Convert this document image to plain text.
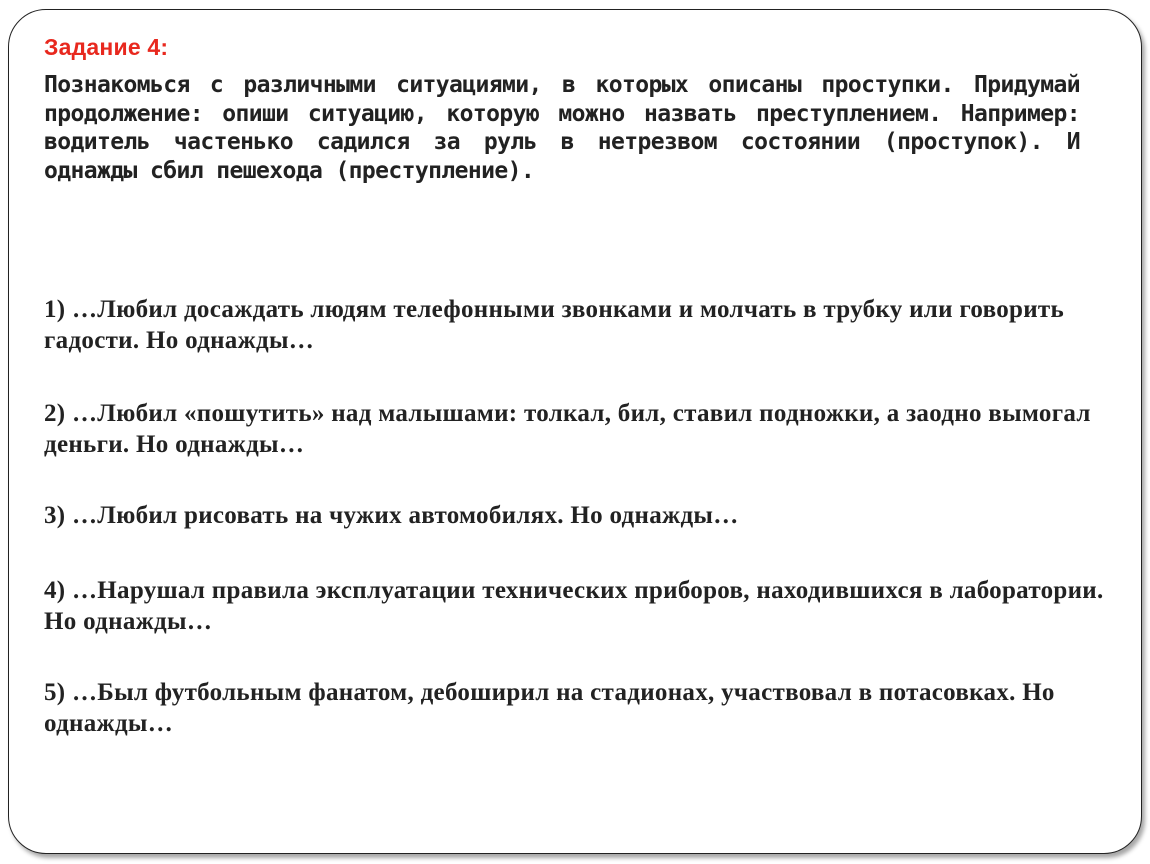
Задание 4:
Познакомься с различными ситуациями, в которых описаны проступки. Придумай продолжение: опиши ситуацию, которую можно назвать преступлением. Например: водитель частенько садился за руль в нетрезвом состоянии (проступок). И однажды сбил пешехода (преступление).
1) …Любил досаждать людям телефонными звонками и молчать в трубку или говорить гадости. Но однажды…
2) …Любил «пошутить» над малышами: толкал, бил, ставил подножки, а заодно вымогал деньги. Но однажды…
3) …Любил рисовать на чужих автомобилях. Но однажды…
4) …Нарушал правила эксплуатации технических приборов, находившихся в лаборатории. Но однажды…
5) …Был футбольным фанатом, дебоширил на стадионах, участвовал в потасовках. Но однажды…
